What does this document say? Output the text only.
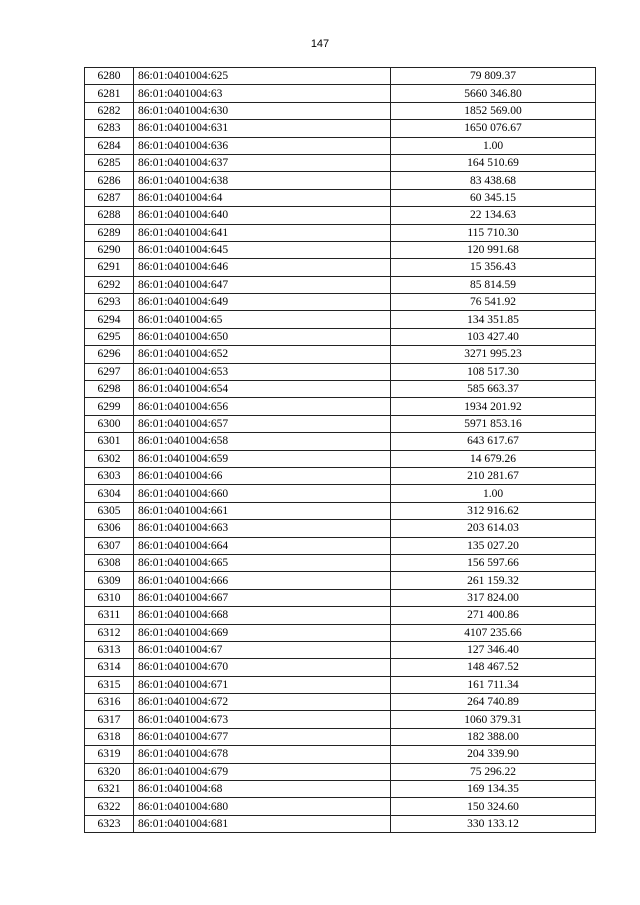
147
6280	86:01:0401004:625	79 809.37
6281	86:01:0401004:63	5660 346.80
6282	86:01:0401004:630	1852 569.00
6283	86:01:0401004:631	1650 076.67
6284	86:01:0401004:636	1.00
6285	86:01:0401004:637	164 510.69
6286	86:01:0401004:638	83 438.68
6287	86:01:0401004:64	60 345.15
6288	86:01:0401004:640	22 134.63
6289	86:01:0401004:641	115 710.30
6290	86:01:0401004:645	120 991.68
6291	86:01:0401004:646	15 356.43
6292	86:01:0401004:647	85 814.59
6293	86:01:0401004:649	76 541.92
6294	86:01:0401004:65	134 351.85
6295	86:01:0401004:650	103 427.40
6296	86:01:0401004:652	3271 995.23
6297	86:01:0401004:653	108 517.30
6298	86:01:0401004:654	585 663.37
6299	86:01:0401004:656	1934 201.92
6300	86:01:0401004:657	5971 853.16
6301	86:01:0401004:658	643 617.67
6302	86:01:0401004:659	14 679.26
6303	86:01:0401004:66	210 281.67
6304	86:01:0401004:660	1.00
6305	86:01:0401004:661	312 916.62
6306	86:01:0401004:663	203 614.03
6307	86:01:0401004:664	135 027.20
6308	86:01:0401004:665	156 597.66
6309	86:01:0401004:666	261 159.32
6310	86:01:0401004:667	317 824.00
6311	86:01:0401004:668	271 400.86
6312	86:01:0401004:669	4107 235.66
6313	86:01:0401004:67	127 346.40
6314	86:01:0401004:670	148 467.52
6315	86:01:0401004:671	161 711.34
6316	86:01:0401004:672	264 740.89
6317	86:01:0401004:673	1060 379.31
6318	86:01:0401004:677	182 388.00
6319	86:01:0401004:678	204 339.90
6320	86:01:0401004:679	75 296.22
6321	86:01:0401004:68	169 134.35
6322	86:01:0401004:680	150 324.60
6323	86:01:0401004:681	330 133.12
